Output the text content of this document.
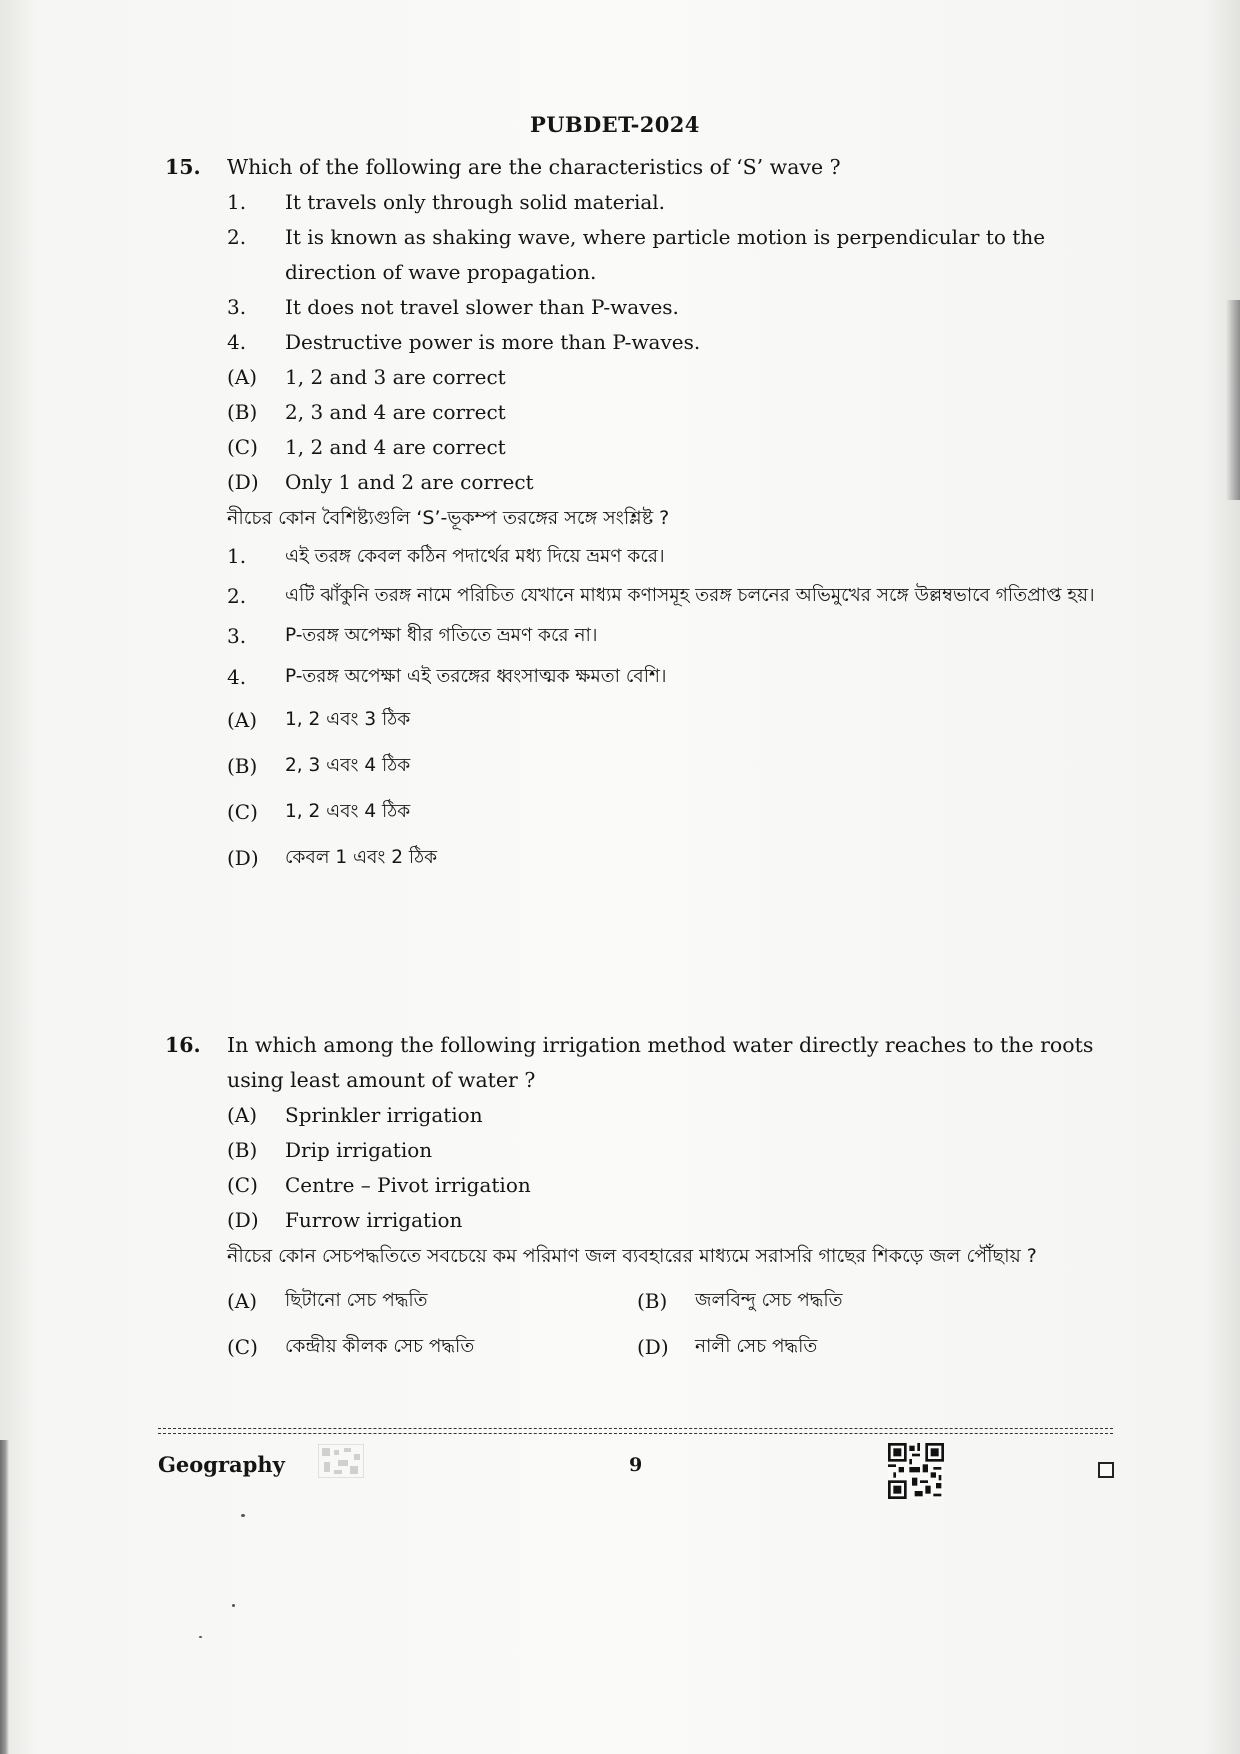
PUBDET-2024
15.	Which of the following are the characteristics of ‘S’ wave ?
1.	It travels only through solid material.
2.	It is known as shaking wave, where particle motion is perpendicular to the direction of wave propagation.
3.	It does not travel slower than P-waves.
4.	Destructive power is more than P-waves.
(A)	1, 2 and 3 are correct
(B)	2, 3 and 4 are correct
(C)	1, 2 and 4 are correct
(D)	Only 1 and 2 are correct
নীচের কোন বৈশিষ্ট্যগুলি ‘S’-ভূকম্প তরঙ্গের সঙ্গে সংশ্লিষ্ট ?
1.	এই তরঙ্গ কেবল কঠিন পদার্থের মধ্য দিয়ে ভ্রমণ করে।
2.	এটি ঝাঁকুনি তরঙ্গ নামে পরিচিত যেখানে মাধ্যম কণাসমূহ তরঙ্গ চলনের অভিমুখের সঙ্গে উল্লম্বভাবে গতিপ্রাপ্ত হয়।
3.	P-তরঙ্গ অপেক্ষা ধীর গতিতে ভ্রমণ করে না।
4.	P-তরঙ্গ অপেক্ষা এই তরঙ্গের ধ্বংসাত্মক ক্ষমতা বেশি।
(A)	1, 2 এবং 3 ঠিক
(B)	2, 3 এবং 4 ঠিক
(C)	1, 2 এবং 4 ঠিক
(D)	কেবল 1 এবং 2 ঠিক
16.	In which among the following irrigation method water directly reaches to the roots using least amount of water ?
(A)	Sprinkler irrigation
(B)	Drip irrigation
(C)	Centre – Pivot irrigation
(D)	Furrow irrigation
নীচের কোন সেচপদ্ধতিতে সবচেয়ে কম পরিমাণ জল ব্যবহারের মাধ্যমে সরাসরি গাছের শিকড়ে জল পৌঁছায় ?
(A)	ছিটানো সেচ পদ্ধতি	(B)	জলবিন্দু সেচ পদ্ধতি
(C)	কেন্দ্রীয় কীলক সেচ পদ্ধতি	(D)	নালী সেচ পদ্ধতি
Geography	9
